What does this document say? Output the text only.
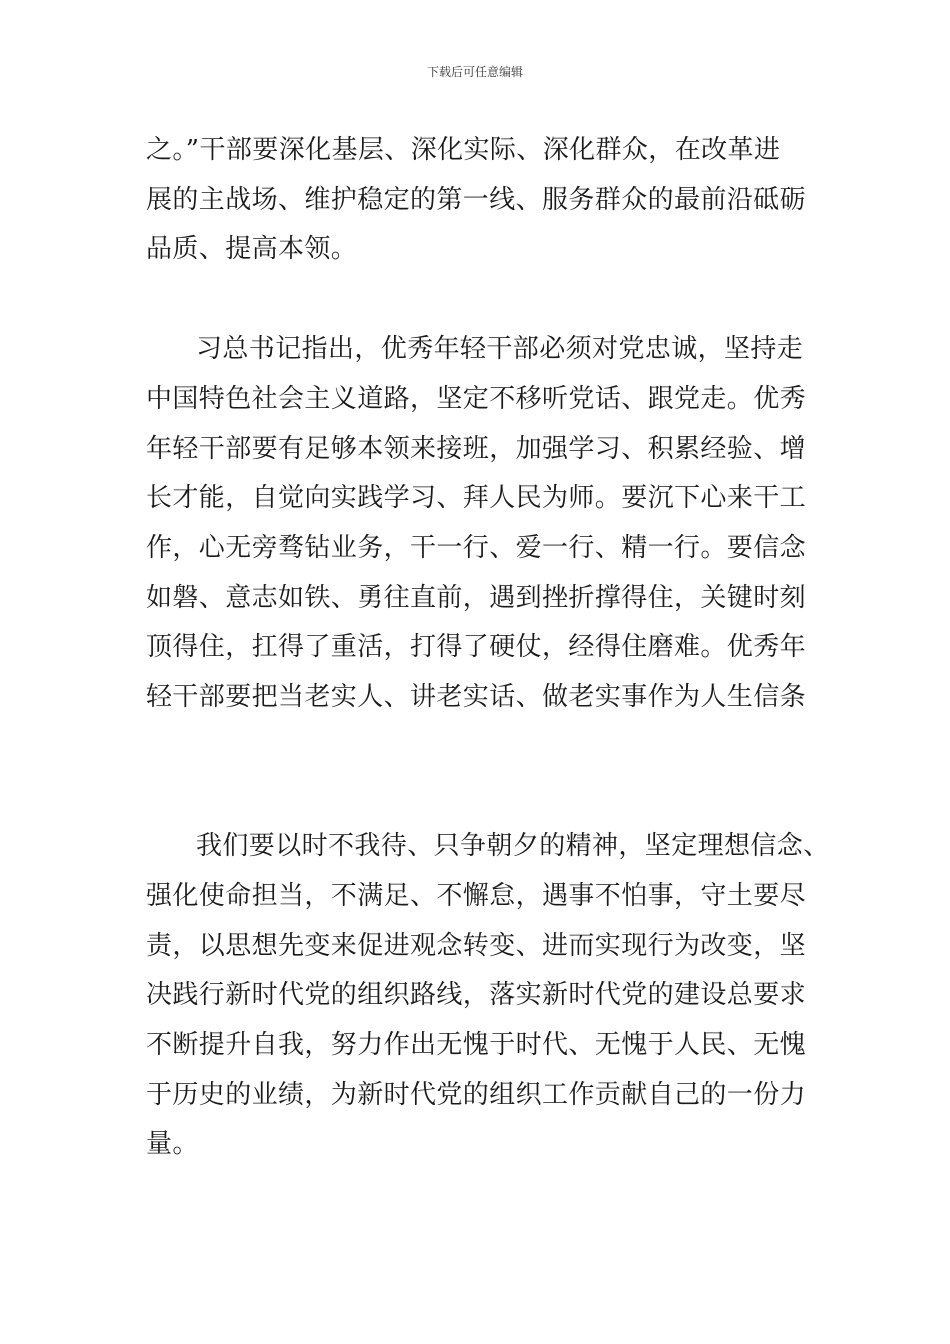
下载后可任意编辑
之。”干部要深化基层、深化实际、深化群众，在改革进
展的主战场、维护稳定的第一线、服务群众的最前沿砥砺
品质、提高本领。
习总书记指出，优秀年轻干部必须对党忠诚，坚持走
中国特色社会主义道路，坚定不移听党话、跟党走。优秀
年轻干部要有足够本领来接班，加强学习、积累经验、增
长才能，自觉向实践学习、拜人民为师。要沉下心来干工
作，心无旁骛钻业务，干一行、爱一行、精一行。要信念
如磐、意志如铁、勇往直前，遇到挫折撑得住，关键时刻
顶得住，扛得了重活，打得了硬仗，经得住磨难。优秀年
轻干部要把当老实人、讲老实话、做老实事作为人生信条
我们要以时不我待、只争朝夕的精神，坚定理想信念、
强化使命担当，不满足、不懈怠，遇事不怕事，守土要尽
责，以思想先变来促进观念转变、进而实现行为改变，坚
决践行新时代党的组织路线，落实新时代党的建设总要求
不断提升自我，努力作出无愧于时代、无愧于人民、无愧
于历史的业绩，为新时代党的组织工作贡献自己的一份力
量。
